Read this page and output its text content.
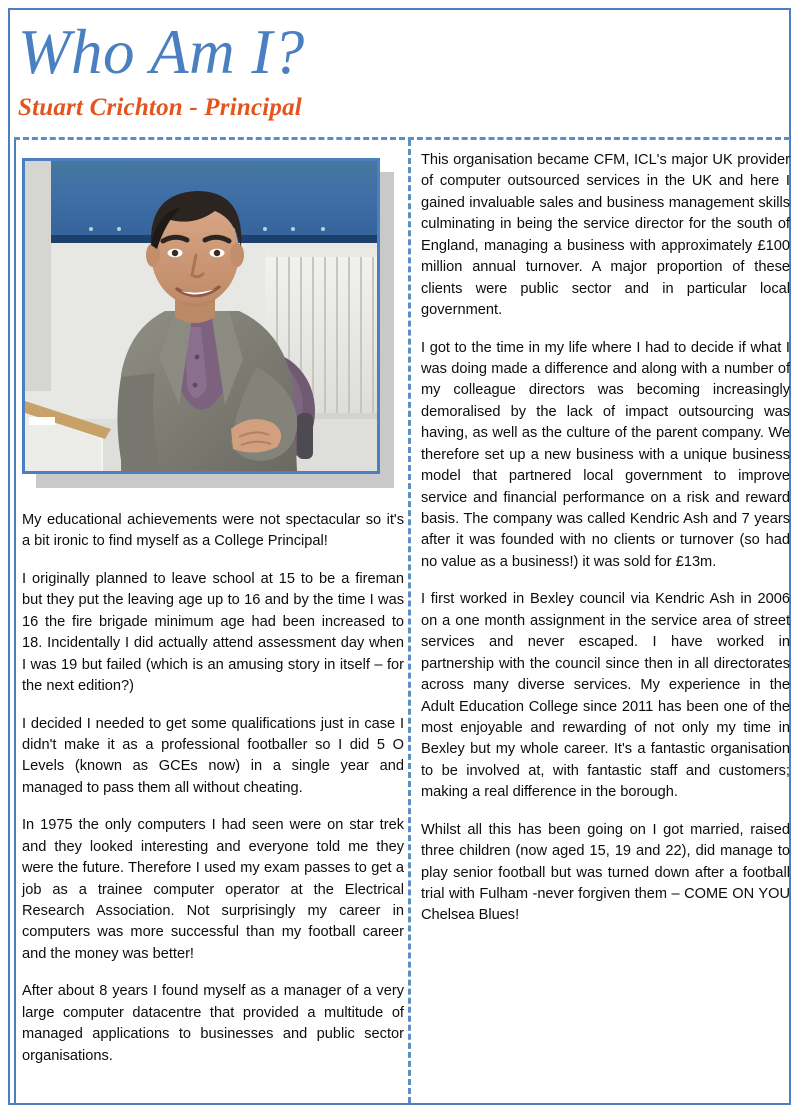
Who Am I?
Stuart Crichton - Principal

My educational achievements were not spectacular so it's a bit ironic to find myself as a College Principal!

I originally planned to leave school at 15 to be a fireman but they put the leaving age up to 16 and by the time I was 16 the fire brigade minimum age had been increased to 18. Incidentally I did actually attend assessment day when I was 19 but failed (which is an amusing story in itself – for the next edition?)

I decided I needed to get some qualifications just in case I didn't make it as a professional footballer so I did 5 O Levels (known as GCEs now) in a single year and managed to pass them all without cheating.

In 1975 the only computers I had seen were on star trek and they looked interesting and everyone told me they were the future. Therefore I used my exam passes to get a job as a trainee computer operator at the Electrical Research Association. Not surprisingly my career in computers was more successful than my football career and the money was better!

After about 8 years I found myself as a manager of a very large computer datacentre that provided a multitude of managed applications to businesses and public sector organisations.

This organisation became CFM, ICL's major UK provider of computer outsourced services in the UK and here I gained invaluable sales and business management skills culminating in being the service director for the south of England, managing a business with approximately £100 million annual turnover. A major proportion of these clients were public sector and in particular local government.

I got to the time in my life where I had to decide if what I was doing made a difference and along with a number of my colleague directors was becoming increasingly demoralised by the lack of impact outsourcing was having, as well as the culture of the parent company. We therefore set up a new business with a unique business model that partnered local government to improve service and financial performance on a risk and reward basis. The company was called Kendric Ash and 7 years after it was founded with no clients or turnover (so had no value as a business!) it was sold for £13m.

I first worked in Bexley council via Kendric Ash in 2006 on a one month assignment in the service area of street services and never escaped. I have worked in partnership with the council since then in all directorates across many diverse services. My experience in the Adult Education College since 2011 has been one of the most enjoyable and rewarding of not only my time in Bexley but my whole career. It's a fantastic organisation to be involved at, with fantastic staff and customers; making a real difference in the borough.

Whilst all this has been going on I got married, raised three children (now aged 15, 19 and 22), did manage to play senior football but was turned down after a football trial with Fulham -never forgiven them – COME ON YOU Chelsea Blues!
